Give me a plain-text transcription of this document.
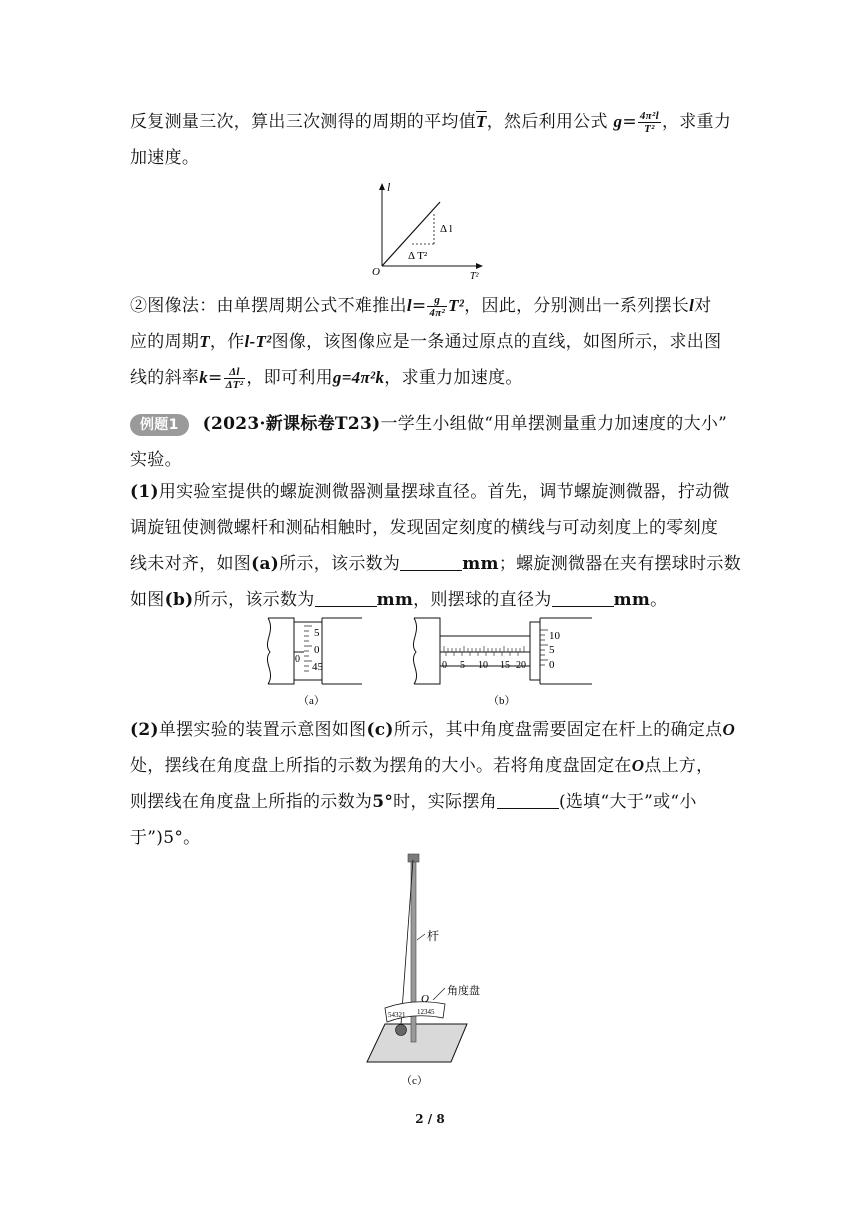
反复测量三次，算出三次测得的周期的平均值$\overline{T}$，然后利用公式 $g= \frac{\text{4π²l}}{\text{T²}}$ ，求重力
加速度。
l
T²
O
Δ l
Δ T²
②图像法：由单摆周期公式不难推出$l= \frac{g}{\text{4π²}} T^2$，因此，分别测出一系列摆长l对
应的周期T，作l-T²图像，该图像应是一条通过原点的直线，如图所示，求出图
线的斜率$k= \frac{\Delta l}{\text{ΔT²}}$ ，即可利用g=4π²k，求重力加速度。
例题1 (2023·新课标卷T23)一学生小组做“用单摆测量重力加速度的大小”
实验。
(1)用实验室提供的螺旋测微器测量摆球直径。首先，调节螺旋测微器，拧动微
调旋钮使测微螺杆和测砧相触时，发现固定刻度的横线与可动刻度上的零刻度
线未对齐，如图(a)所示，该示数为	mm；螺旋测微器在夹有摆球时示数
如图(b)所示，该示数为	mm，则摆球的直径为	mm。
5
0
45
0
（a）
10
5
0
0 5 10 15 20
（b）
(2)单摆实验的装置示意图如图(c)所示，其中角度盘需要固定在杆上的确定点O
处，摆线在角度盘上所指的示数为摆角的大小。若将角度盘固定在O点上方，
则摆线在角度盘上所指的示数为5°时，实际摆角	(选填“大于”或“小
于”)5°。
54321 12345
杆
O
角度盘
（c）
2 / 8
